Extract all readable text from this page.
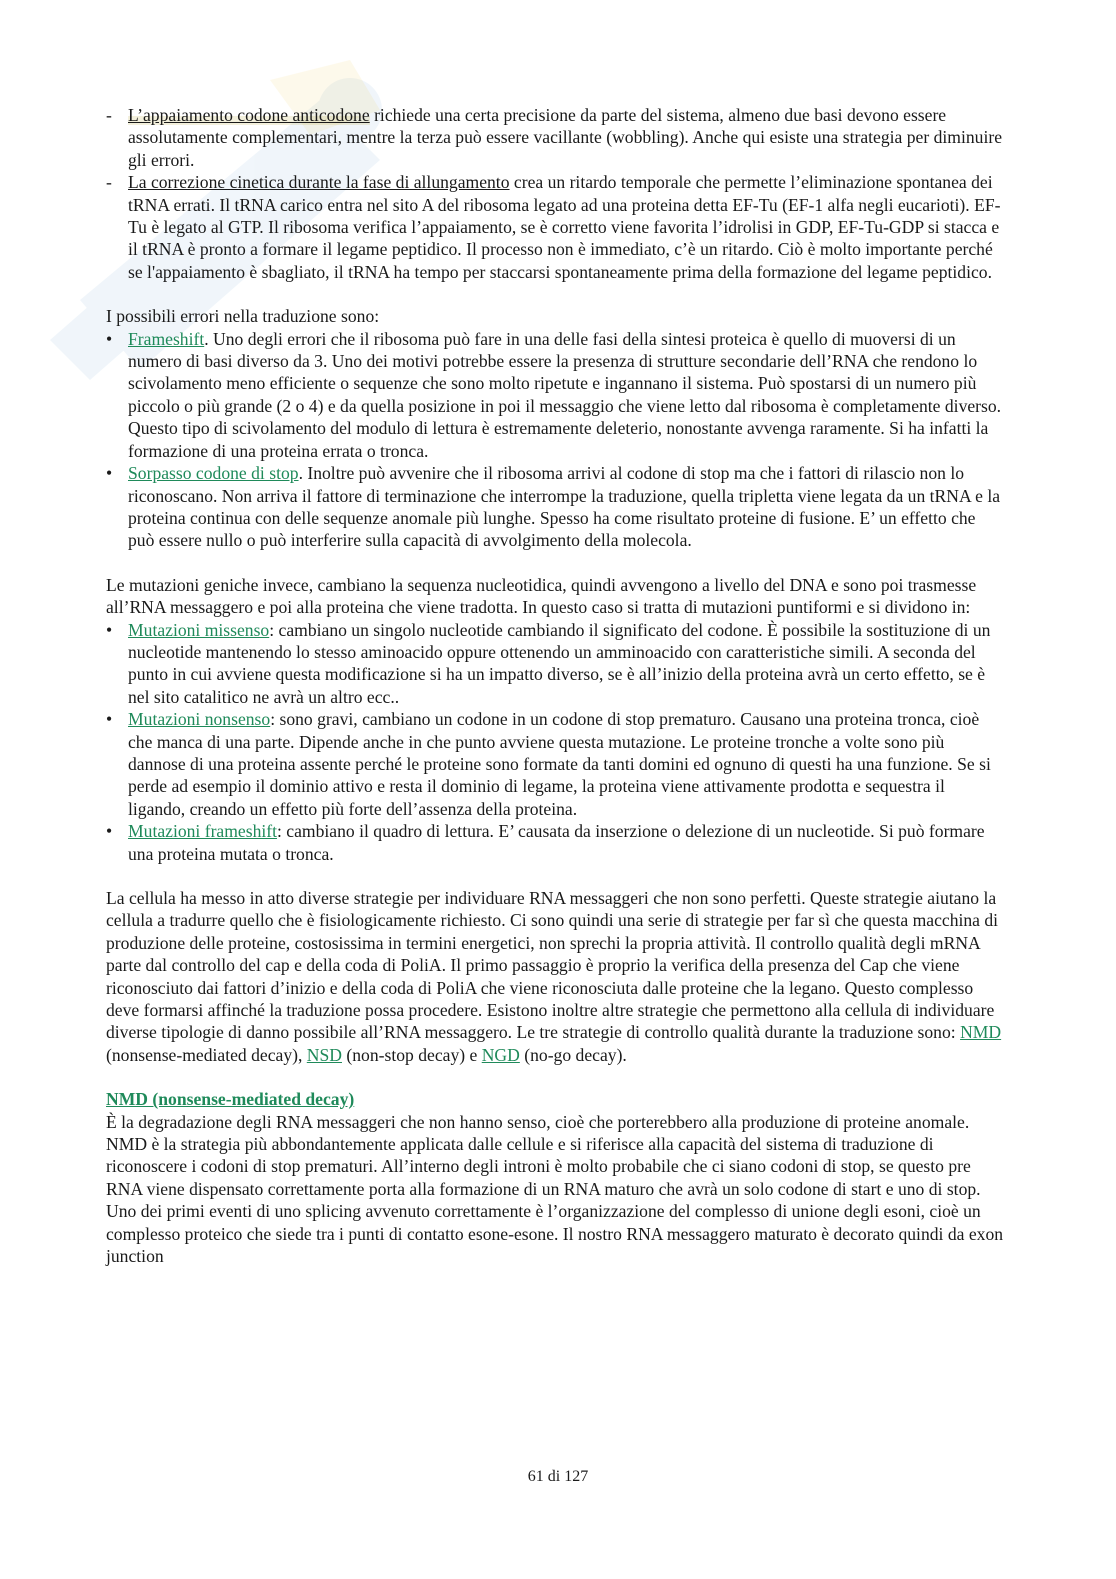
- L’appaiamento codone anticodone richiede una certa precisione da parte del sistema, almeno due basi devono essere assolutamente complementari, mentre la terza può essere vacillante (wobbling). Anche qui esiste una strategia per diminuire gli errori.
- La correzione cinetica durante la fase di allungamento crea un ritardo temporale che permette l’eliminazione spontanea dei tRNA errati. Il tRNA carico entra nel sito A del ribosoma legato ad una proteina detta EF-Tu (EF-1 alfa negli eucarioti). EF-Tu è legato al GTP. Il ribosoma verifica l’appaiamento, se è corretto viene favorita l’idrolisi in GDP, EF-Tu-GDP si stacca e il tRNA è pronto a formare il legame peptidico. Il processo non è immediato, c’è un ritardo. Ciò è molto importante perché se l'appaiamento è sbagliato, il tRNA ha tempo per staccarsi spontaneamente prima della formazione del legame peptidico.

I possibili errori nella traduzione sono:

• Frameshift. Uno degli errori che il ribosoma può fare in una delle fasi della sintesi proteica è quello di muoversi di un numero di basi diverso da 3. Uno dei motivi potrebbe essere la presenza di strutture secondarie dell’RNA che rendono lo scivolamento meno efficiente o sequenze che sono molto ripetute e ingannano il sistema. Può spostarsi di un numero più piccolo o più grande (2 o 4) e da quella posizione in poi il messaggio che viene letto dal ribosoma è completamente diverso. Questo tipo di scivolamento del modulo di lettura è estremamente deleterio, nonostante avvenga raramente. Si ha infatti la formazione di una proteina errata o tronca.
• Sorpasso codone di stop. Inoltre può avvenire che il ribosoma arrivi al codone di stop ma che i fattori di rilascio non lo riconoscano. Non arriva il fattore di terminazione che interrompe la traduzione, quella tripletta viene legata da un tRNA e la proteina continua con delle sequenze anomale più lunghe. Spesso ha come risultato proteine di fusione. E’ un effetto che può essere nullo o può interferire sulla capacità di avvolgimento della molecola.

Le mutazioni geniche invece, cambiano la sequenza nucleotidica, quindi avvengono a livello del DNA e sono poi trasmesse all’RNA messaggero e poi alla proteina che viene tradotta. In questo caso si tratta di mutazioni puntiformi e si dividono in:

• Mutazioni missenso: cambiano un singolo nucleotide cambiando il significato del codone. È possibile la sostituzione di un nucleotide mantenendo lo stesso aminoacido oppure ottenendo un amminoacido con caratteristiche simili. A seconda del punto in cui avviene questa modificazione si ha un impatto diverso, se è all’inizio della proteina avrà un certo effetto, se è nel sito catalitico ne avrà un altro ecc..
• Mutazioni nonsenso: sono gravi, cambiano un codone in un codone di stop prematuro. Causano una proteina tronca, cioè che manca di una parte. Dipende anche in che punto avviene questa mutazione. Le proteine tronche a volte sono più dannose di una proteina assente perché le proteine sono formate da tanti domini ed ognuno di questi ha una funzione. Se si perde ad esempio il dominio attivo e resta il dominio di legame, la proteina viene attivamente prodotta e sequestra il ligando, creando un effetto più forte dell’assenza della proteina.
• Mutazioni frameshift: cambiano il quadro di lettura. E’ causata da inserzione o delezione di un nucleotide. Si può formare una proteina mutata o tronca.

La cellula ha messo in atto diverse strategie per individuare RNA messaggeri che non sono perfetti. Queste strategie aiutano la cellula a tradurre quello che è fisiologicamente richiesto. Ci sono quindi una serie di strategie per far sì che questa macchina di produzione delle proteine, costosissima in termini energetici, non sprechi la propria attività. Il controllo qualità degli mRNA parte dal controllo del cap e della coda di PoliA. Il primo passaggio è proprio la verifica della presenza del Cap che viene riconosciuto dai fattori d’inizio e della coda di PoliA che viene riconosciuta dalle proteine che la legano. Questo complesso deve formarsi affinché la traduzione possa procedere. Esistono inoltre altre strategie che permettono alla cellula di individuare diverse tipologie di danno possibile all’RNA messaggero. Le tre strategie di controllo qualità durante la traduzione sono: NMD (nonsense-mediated decay), NSD (non-stop decay) e NGD (no-go decay).

NMD (nonsense-mediated decay)

È la degradazione degli RNA messaggeri che non hanno senso, cioè che porterebbero alla produzione di proteine anomale. NMD è la strategia più abbondantemente applicata dalle cellule e si riferisce alla capacità del sistema di traduzione di riconoscere i codoni di stop prematuri. All’interno degli introni è molto probabile che ci siano codoni di stop, se questo pre RNA viene dispensato correttamente porta alla formazione di un RNA maturo che avrà un solo codone di start e uno di stop. Uno dei primi eventi di uno splicing avvenuto correttamente è l’organizzazione del complesso di unione degli esoni, cioè un complesso proteico che siede tra i punti di contatto esone-esone. Il nostro RNA messaggero maturato è decorato quindi da exon junction

61 di 127
